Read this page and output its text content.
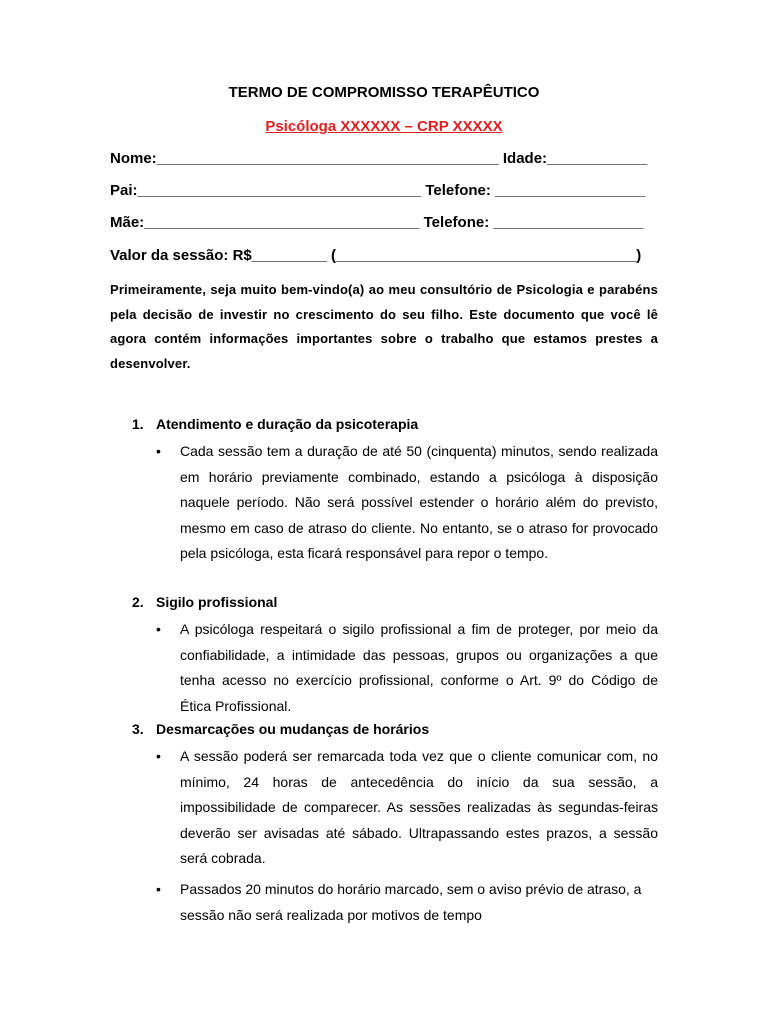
TERMO DE COMPROMISSO TERAPÊUTICO
Psicóloga XXXXXX – CRP XXXXX
Nome:_________________________________________ Idade:____________
Pai:__________________________________ Telefone: __________________
Mãe:_________________________________ Telefone: __________________
Valor da sessão: R$_________ (____________________________________)
Primeiramente, seja muito bem-vindo(a) ao meu consultório de Psicologia e parabéns pela decisão de investir no crescimento do seu filho. Este documento que você lê agora contém informações importantes sobre o trabalho que estamos prestes a desenvolver.
1. Atendimento e duração da psicoterapia
• Cada sessão tem a duração de até 50 (cinquenta) minutos, sendo realizada em horário previamente combinado, estando a psicóloga à disposição naquele período. Não será possível estender o horário além do previsto, mesmo em caso de atraso do cliente. No entanto, se o atraso for provocado pela psicóloga, esta ficará responsável para repor o tempo.
2. Sigilo profissional
• A psicóloga respeitará o sigilo profissional a fim de proteger, por meio da confiabilidade, a intimidade das pessoas, grupos ou organizações a que tenha acesso no exercício profissional, conforme o Art. 9º do Código de Ética Profissional.
3. Desmarcações ou mudanças de horários
• A sessão poderá ser remarcada toda vez que o cliente comunicar com, no mínimo, 24 horas de antecedência do início da sua sessão, a impossibilidade de comparecer. As sessões realizadas às segundas-feiras deverão ser avisadas até sábado. Ultrapassando estes prazos, a sessão será cobrada.
• Passados 20 minutos do horário marcado, sem o aviso prévio de atraso, a sessão não será realizada por motivos de tempo
